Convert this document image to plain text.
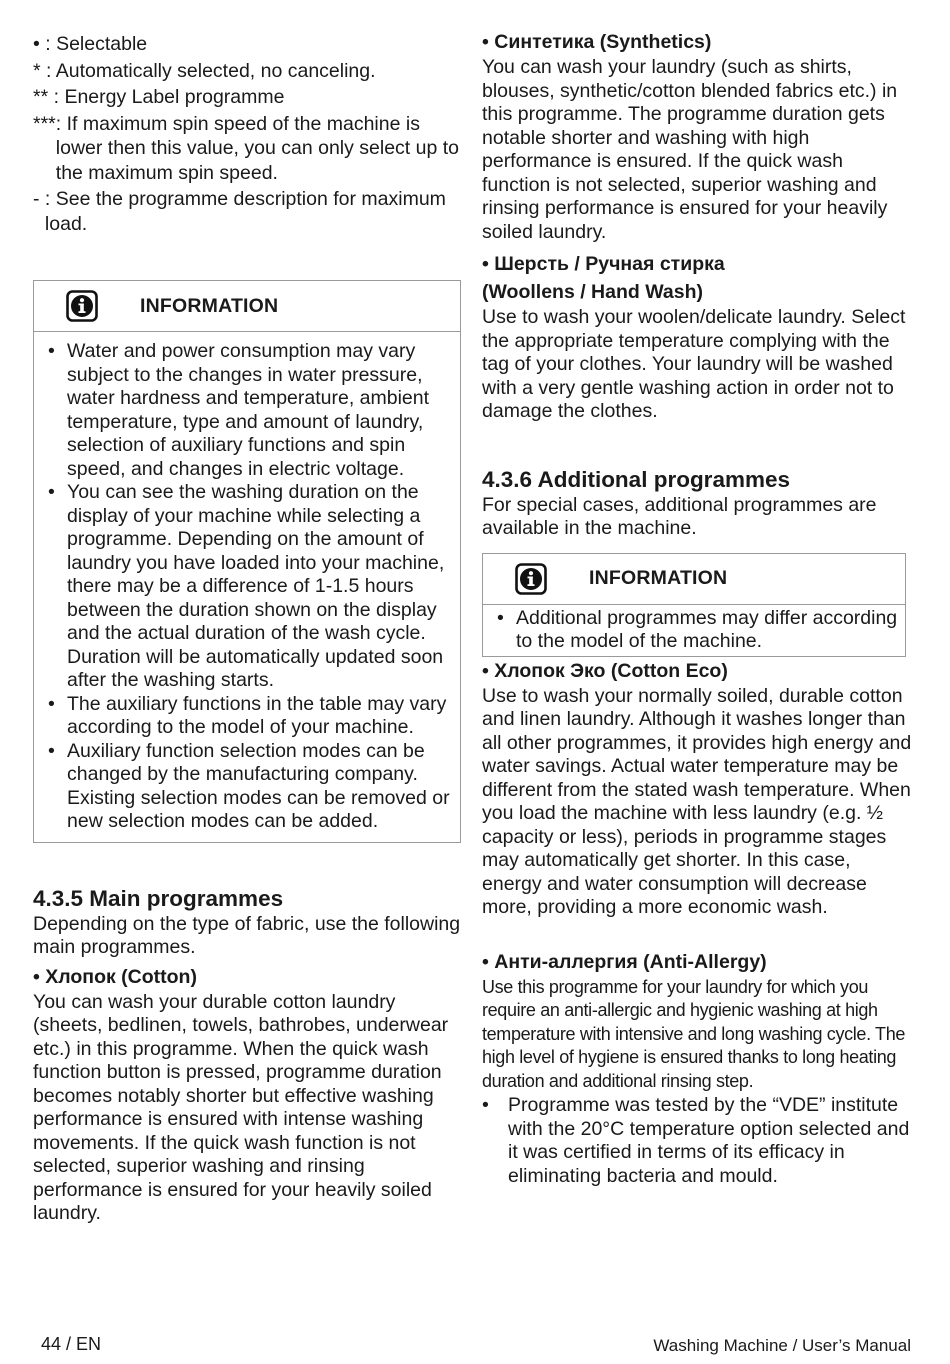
• : Selectable
* : Automatically selected, no canceling.
** : Energy Label programme
*** : If maximum spin speed of the machine is lower then this value, you can only select up to the maximum spin speed.
- : See the programme description for maximum load.
INFORMATION
• Water and power consumption may vary subject to the changes in water pressure, water hardness and temperature, ambient temperature, type and amount of laundry, selection of auxiliary functions and spin speed, and changes in electric voltage.
• You can see the washing duration on the display of your machine while selecting a programme. Depending on the amount of laundry you have loaded into your machine, there may be a difference of 1-1.5 hours between the duration shown on the display and the actual duration of the wash cycle. Duration will be automatically updated soon after the washing starts.
• The auxiliary functions in the table may vary according to the model of your machine.
• Auxiliary function selection modes can be changed by the manufacturing company. Existing selection modes can be removed or new selection modes can be added.
4.3.5 Main programmes

Depending on the type of fabric, use the following main programmes.

• Хлопок (Cotton)

You can wash your durable cotton laundry (sheets, bedlinen, towels, bathrobes, underwear etc.) in this programme. When the quick wash function button is pressed, programme duration becomes notably shorter but effective washing performance is ensured with intense washing movements. If the quick wash function is not selected, superior washing and rinsing performance is ensured for your heavily soiled laundry.

• Синтетика (Synthetics)

You can wash your laundry (such as shirts, blouses, synthetic/cotton blended fabrics etc.) in this programme. The programme duration gets notable shorter and washing with high performance is ensured. If the quick wash function is not selected, superior washing and rinsing performance is ensured for your heavily soiled laundry.

• Шерсть / Ручная стирка
(Woollens / Hand Wash)

Use to wash your woolen/delicate laundry. Select the appropriate temperature complying with the tag of your clothes. Your laundry will be washed with a very gentle washing action in order not to damage the clothes.

4.3.6 Additional programmes

For special cases, additional programmes are available in the machine.

INFORMATION
• Additional programmes may differ according to the model of the machine.
• Хлопок Эко (Cotton Eco)

Use to wash your normally soiled, durable cotton and linen laundry. Although it washes longer than all other programmes, it provides high energy and water savings. Actual water temperature may be different from the stated wash temperature. When you load the machine with less laundry (e.g. ½ capacity or less), periods in programme stages may automatically get shorter. In this case, energy and water consumption will decrease more, providing a more economic wash.

• Анти-аллергия (Anti-Allergy)

Use this programme for your laundry for which you require an anti-allergic and hygienic washing at high temperature with intensive and long washing cycle. The high level of hygiene is ensured thanks to long heating duration and additional rinsing step.

• Programme was tested by the “VDE” institute with the 20°C temperature option selected and it was certified in terms of its efficacy in eliminating bacteria and mould.

44 / EN	Washing Machine / User’s Manual
